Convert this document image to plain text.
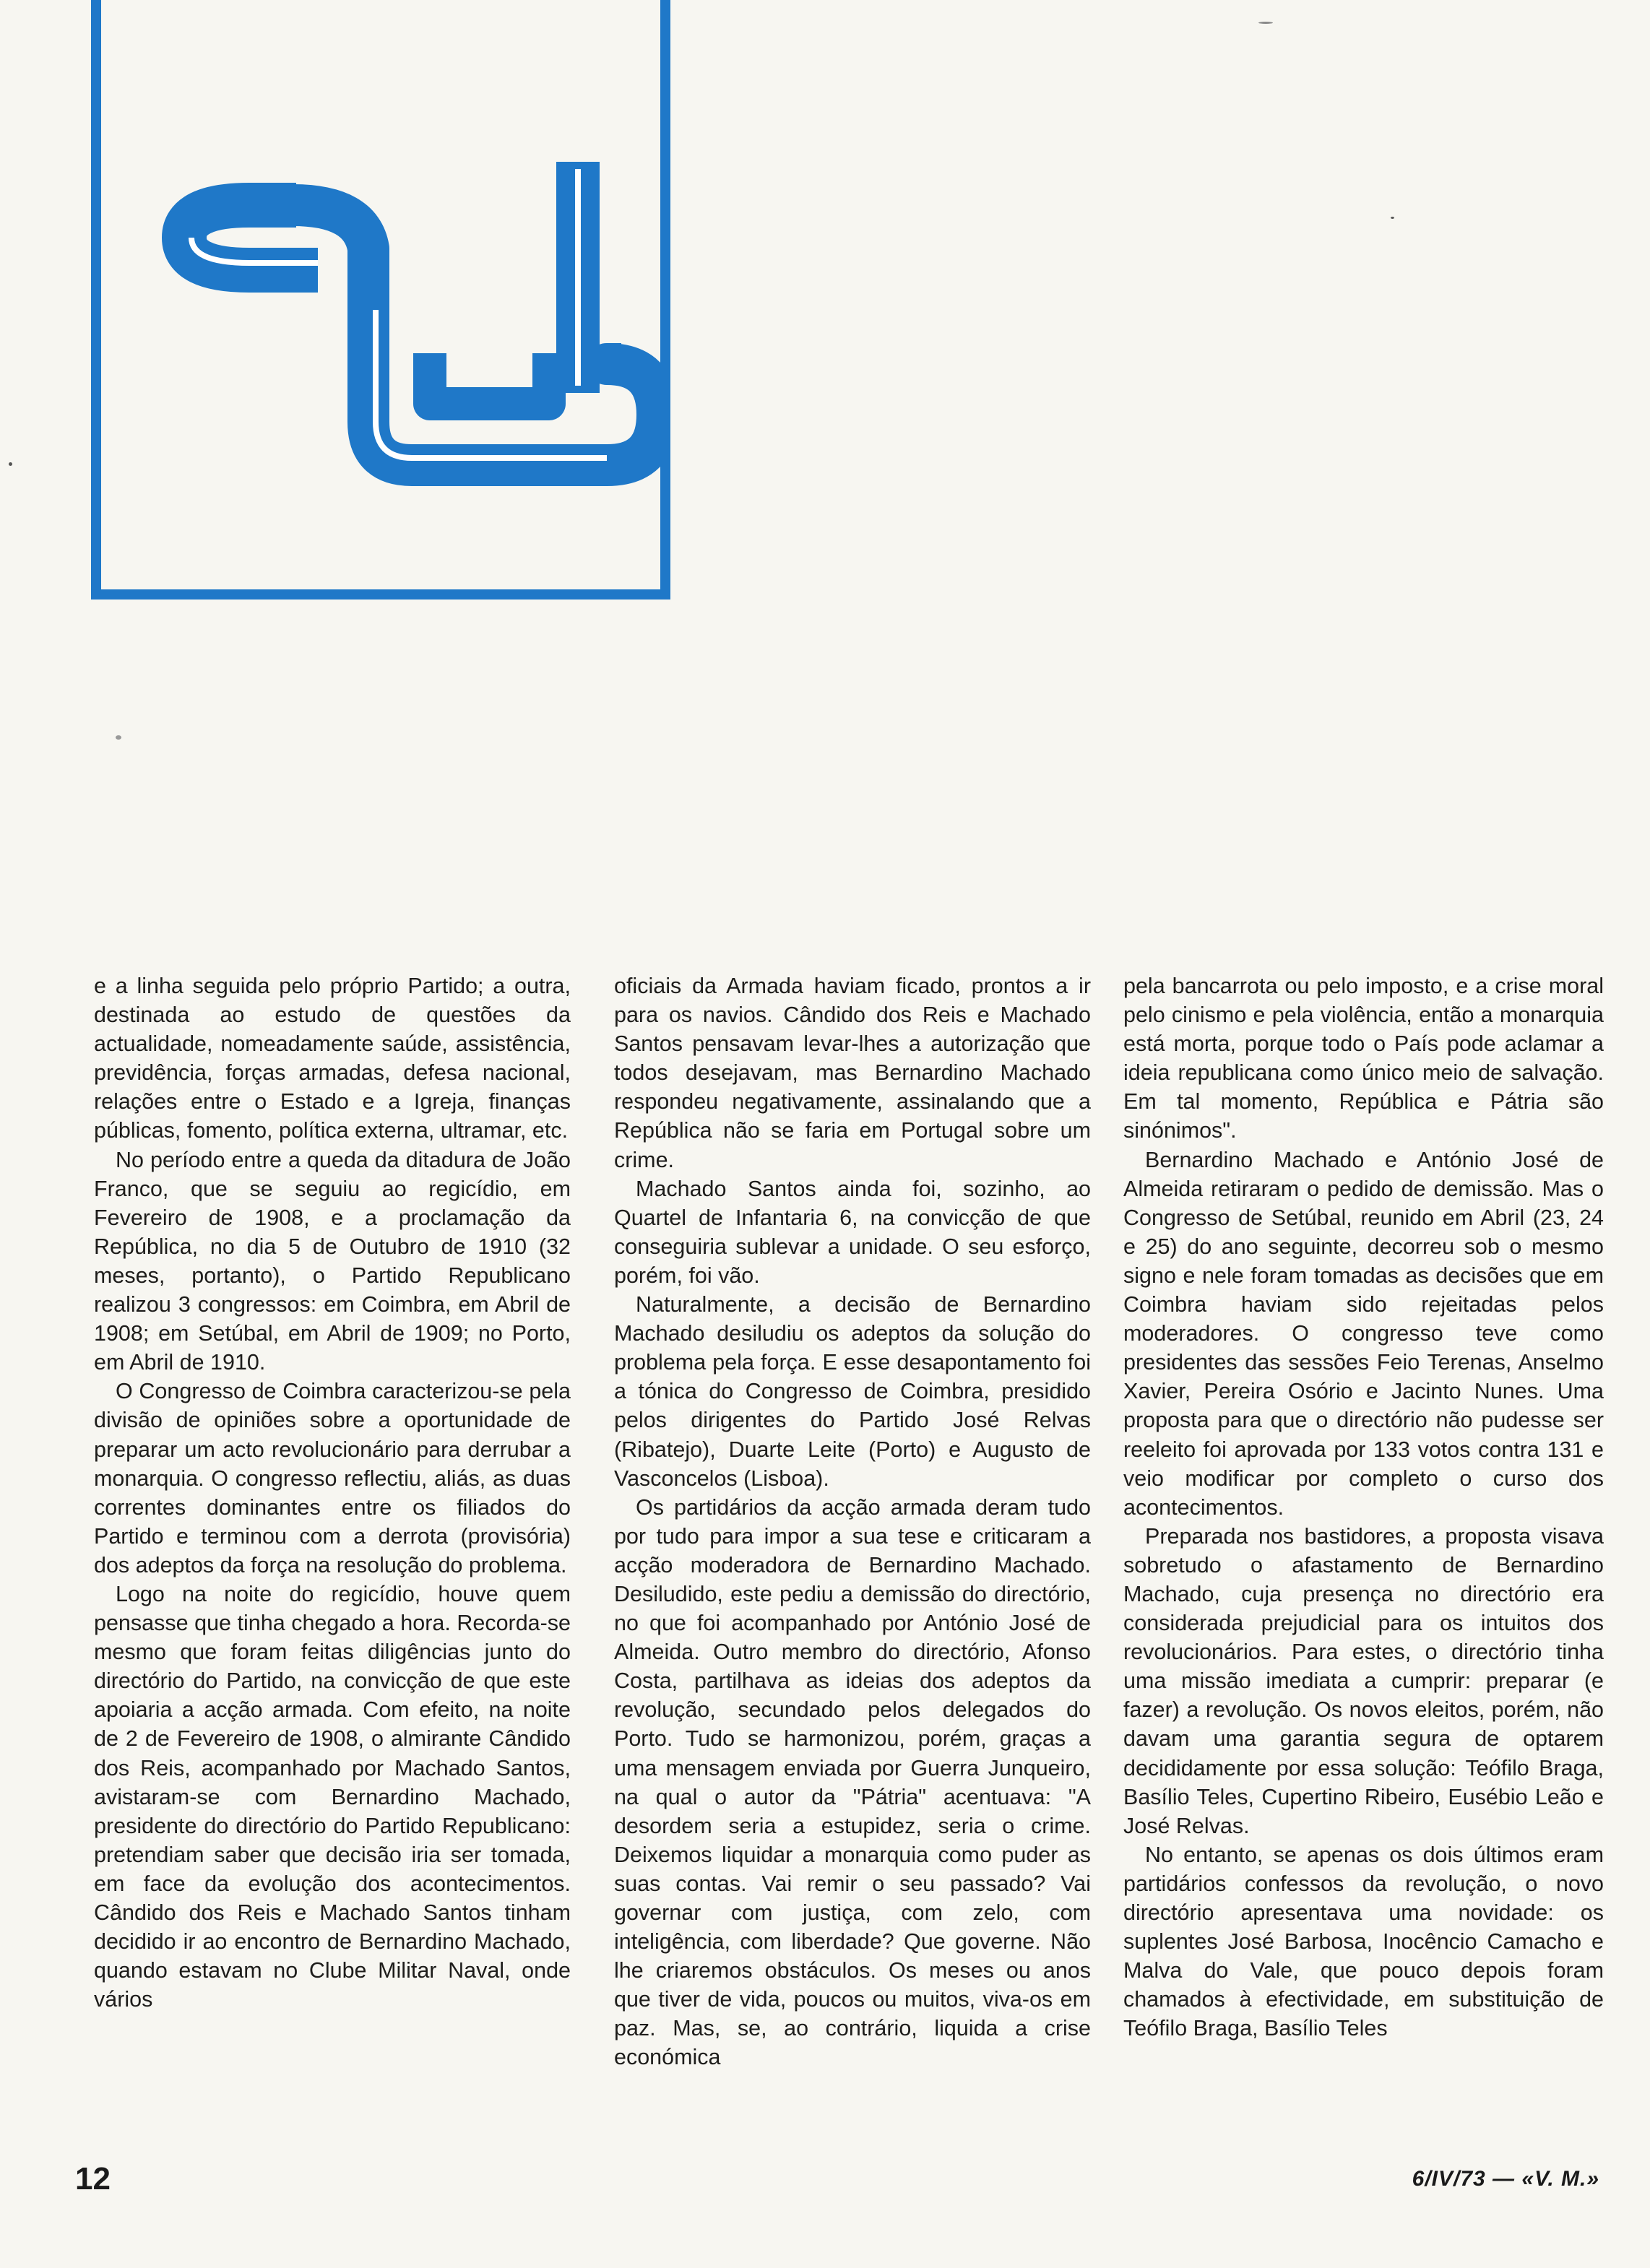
e a linha seguida pelo próprio Partido; a outra, destinada ao estudo de questões da actualidade, nomeadamente saúde, assistência, previdência, forças armadas, defesa nacional, relações entre o Estado e a Igreja, finanças públicas, fomento, política externa, ultramar, etc.

No período entre a queda da ditadura de João Franco, que se seguiu ao regicídio, em Fevereiro de 1908, e a proclamação da República, no dia 5 de Outubro de 1910 (32 meses, portanto), o Partido Republicano realizou 3 congressos: em Coimbra, em Abril de 1908; em Setúbal, em Abril de 1909; no Porto, em Abril de 1910.

O Congresso de Coimbra caracterizou-se pela divisão de opiniões sobre a oportunidade de preparar um acto revolucionário para derrubar a monarquia. O congresso reflectiu, aliás, as duas correntes dominantes entre os filiados do Partido e terminou com a derrota (provisória) dos adeptos da força na resolução do problema.

Logo na noite do regicídio, houve quem pensasse que tinha chegado a hora. Recorda-se mesmo que foram feitas diligências junto do directório do Partido, na convicção de que este apoiaria a acção armada. Com efeito, na noite de 2 de Fevereiro de 1908, o almirante Cândido dos Reis, acompanhado por Machado Santos, avistaram-se com Bernardino Machado, presidente do directório do Partido Republicano: pretendiam saber que decisão iria ser tomada, em face da evolução dos acontecimentos. Cândido dos Reis e Machado Santos tinham decidido ir ao encontro de Bernardino Machado, quando estavam no Clube Militar Naval, onde vários

oficiais da Armada haviam ficado, prontos a ir para os navios. Cândido dos Reis e Machado Santos pensavam levar-lhes a autorização que todos desejavam, mas Bernardino Machado respondeu negativamente, assinalando que a República não se faria em Portugal sobre um crime.

Machado Santos ainda foi, sozinho, ao Quartel de Infantaria 6, na convicção de que conseguiria sublevar a unidade. O seu esforço, porém, foi vão.

Naturalmente, a decisão de Bernardino Machado desiludiu os adeptos da solução do problema pela força. E esse desapontamento foi a tónica do Congresso de Coimbra, presidido pelos dirigentes do Partido José Relvas (Ribatejo), Duarte Leite (Porto) e Augusto de Vasconcelos (Lisboa).

Os partidários da acção armada deram tudo por tudo para impor a sua tese e criticaram a acção moderadora de Bernardino Machado. Desiludido, este pediu a demissão do directório, no que foi acompanhado por António José de Almeida. Outro membro do directório, Afonso Costa, partilhava as ideias dos adeptos da revolução, secundado pelos delegados do Porto. Tudo se harmonizou, porém, graças a uma mensagem enviada por Guerra Junqueiro, na qual o autor da "Pátria" acentuava: "A desordem seria a estupidez, seria o crime. Deixemos liquidar a monarquia como puder as suas contas. Vai remir o seu passado? Vai governar com justiça, com zelo, com inteligência, com liberdade? Que governe. Não lhe criaremos obstáculos. Os meses ou anos que tiver de vida, poucos ou muitos, viva-os em paz. Mas, se, ao contrário, liquida a crise económica

pela bancarrota ou pelo imposto, e a crise moral pelo cinismo e pela violência, então a monarquia está morta, porque todo o País pode aclamar a ideia republicana como único meio de salvação. Em tal momento, República e Pátria são sinónimos".

Bernardino Machado e António José de Almeida retiraram o pedido de demissão. Mas o Congresso de Setúbal, reunido em Abril (23, 24 e 25) do ano seguinte, decorreu sob o mesmo signo e nele foram tomadas as decisões que em Coimbra haviam sido rejeitadas pelos moderadores. O congresso teve como presidentes das sessões Feio Terenas, Anselmo Xavier, Pereira Osório e Jacinto Nunes. Uma proposta para que o directório não pudesse ser reeleito foi aprovada por 133 votos contra 131 e veio modificar por completo o curso dos acontecimentos.

Preparada nos bastidores, a proposta visava sobretudo o afastamento de Bernardino Machado, cuja presença no directório era considerada prejudicial para os intuitos dos revolucionários. Para estes, o directório tinha uma missão imediata a cumprir: preparar (e fazer) a revolução. Os novos eleitos, porém, não davam uma garantia segura de optarem decididamente por essa solução: Teófilo Braga, Basílio Teles, Cupertino Ribeiro, Eusébio Leão e José Relvas.

No entanto, se apenas os dois últimos eram partidários confessos da revolução, o novo directório apresentava uma novidade: os suplentes José Barbosa, Inocêncio Camacho e Malva do Vale, que pouco depois foram chamados à efectividade, em substituição de Teófilo Braga, Basílio Teles

12	6/IV/73 — «V. M.»
